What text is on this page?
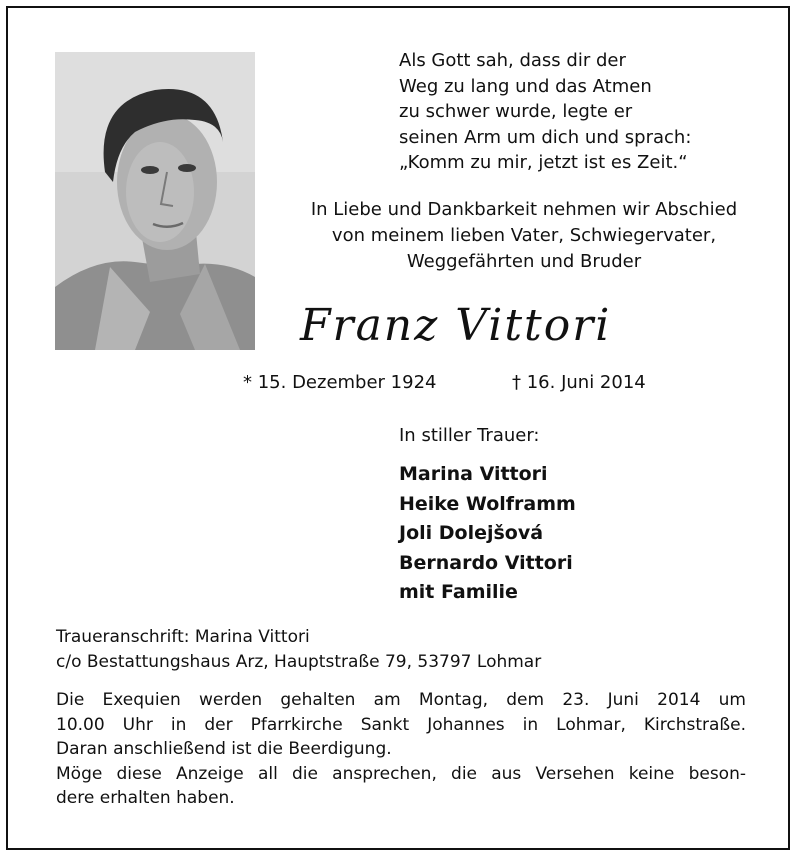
Als Gott sah, dass dir der
Weg zu lang und das Atmen
zu schwer wurde, legte er
seinen Arm um dich und sprach:
„Komm zu mir, jetzt ist es Zeit.“
In Liebe und Dankbarkeit nehmen wir Abschied
von meinem lieben Vater, Schwiegervater,
Weggefährten und Bruder
Franz Vittori
* 15. Dezember 1924	† 16. Juni 2014
In stiller Trauer:
Marina Vittori
Heike Wolframm
Joli Dolejšová
Bernardo Vittori
mit Familie
Traueranschrift: Marina Vittori
c/o Bestattungshaus Arz, Hauptstraße 79, 53797 Lohmar
Die Exequien werden gehalten am Montag, dem 23. Juni 2014 um
10.00 Uhr in der Pfarrkirche Sankt Johannes in Lohmar, Kirchstraße.
Daran anschließend ist die Beerdigung.
Möge diese Anzeige all die ansprechen, die aus Versehen keine beson-
dere erhalten haben.
